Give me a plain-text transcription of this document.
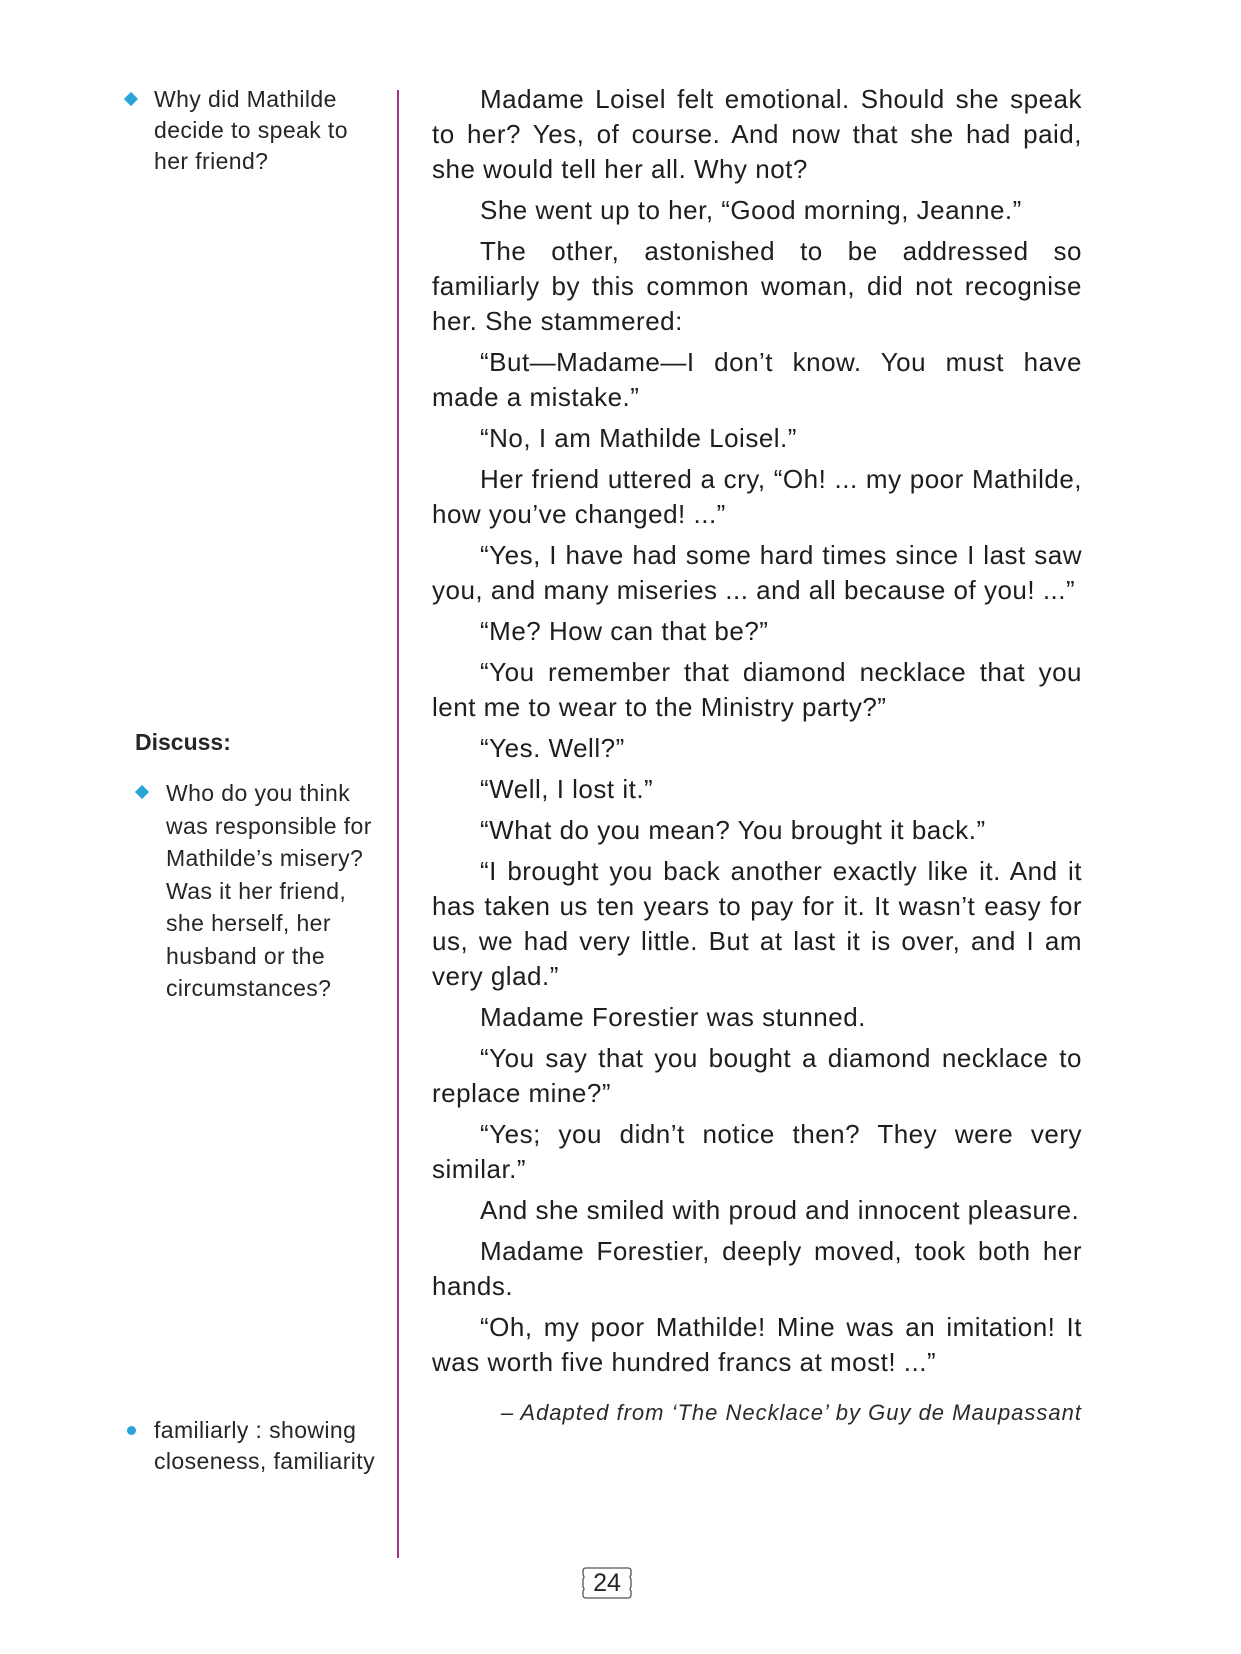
Why did Mathilde decide to speak to her friend?
Discuss:
Who do you think was responsible for Mathilde’s misery? Was it her friend, she herself, her husband or the circumstances?
familiarly : showing closeness, familiarity

Madame Loisel felt emotional. Should she speak to her? Yes, of course. And now that she had paid, she would tell her all. Why not?

She went up to her, “Good morning, Jeanne.”

The other, astonished to be addressed so familiarly by this common woman, did not recognise her. She stammered:

“But—Madame—I don’t know. You must have made a mistake.”

“No, I am Mathilde Loisel.”

Her friend uttered a cry, “Oh! ... my poor Mathilde, how you’ve changed! ...”

“Yes, I have had some hard times since I last saw you, and many miseries ... and all because of you! ...”

“Me? How can that be?”

“You remember that diamond necklace that you lent me to wear to the Ministry party?”

“Yes. Well?”

“Well, I lost it.”

“What do you mean? You brought it back.”

“I brought you back another exactly like it. And it has taken us ten years to pay for it. It wasn’t easy for us, we had very little. But at last it is over, and I am very glad.”

Madame Forestier was stunned.

“You say that you bought a diamond necklace to replace mine?”

“Yes; you didn’t notice then? They were very similar.”

And she smiled with proud and innocent pleasure.

Madame Forestier, deeply moved, took both her hands.

“Oh, my poor Mathilde! Mine was an imitation! It was worth five hundred francs at most! ...”

– Adapted from ‘The Necklace’ by Guy de Maupassant
24
